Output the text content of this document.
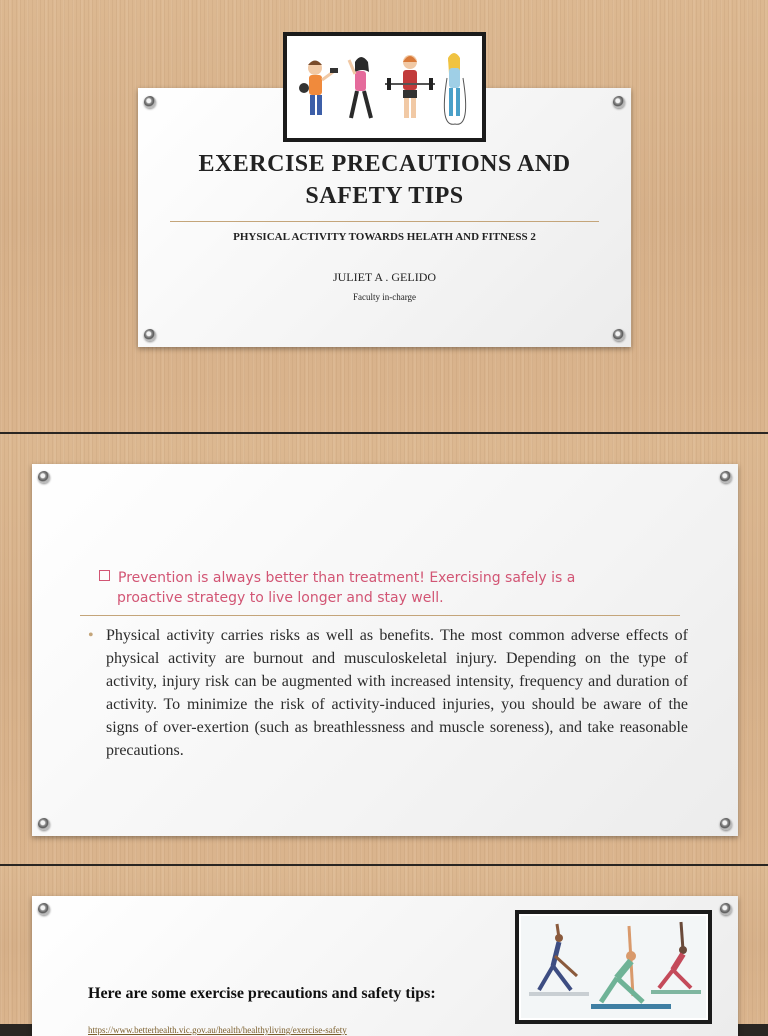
EXERCISE PRECAUTIONS AND
SAFETY TIPS
PHYSICAL ACTIVITY TOWARDS HELATH AND FITNESS 2
JULIET A . GELIDO
Faculty in-charge
Prevention is always better than treatment! Exercising safely is a
proactive strategy to live longer and stay well.
• Physical activity carries risks as well as benefits. The most common adverse effects of physical activity are burnout and musculoskeletal injury. Depending on the type of activity, injury risk can be augmented with increased intensity, frequency and duration of activity. To minimize the risk of activity-induced injuries, you should be aware of the signs of over-exertion (such as breathlessness and muscle soreness), and take reasonable precautions.
Here are some exercise precautions and safety tips:
https://www.betterhealth.vic.gov.au/health/healthyliving/exercise-safety
